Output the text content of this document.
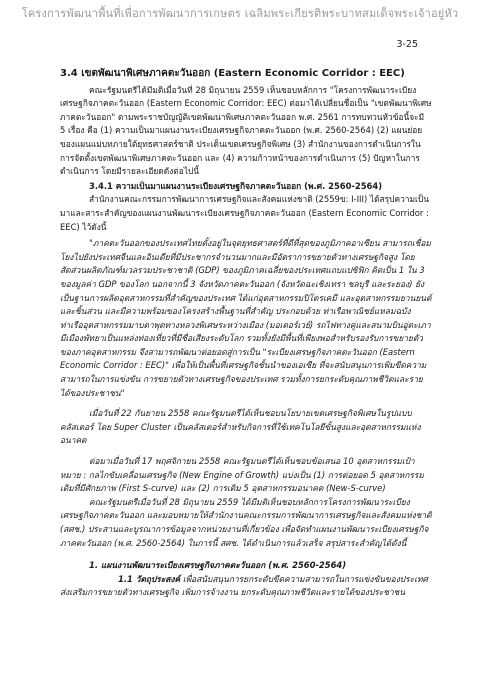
โครงการพัฒนาพื้นที่เพื่อการพัฒนาการเกษตร เฉลิมพระเกียรติพระบาทสมเด็จพระเจ้าอยู่หัว
3-25

3.4 เขตพัฒนาพิเศษภาคตะวันออก (Eastern Economic Corridor : EEC)

คณะรัฐมนตรีได้มีมติเมื่อวันที่ 28 มิถุนายน 2559 เห็นชอบหลักการ "โครงการพัฒนาระเบียงเศรษฐกิจภาคตะวันออก (Eastern Economic Corridor: EEC) ต่อมาได้เปลี่ยนชื่อเป็น "เขตพัฒนาพิเศษภาคตะวันออก" ตามพระราชบัญญัติเขตพัฒนาพิเศษภาคตะวันออก พ.ศ. 2561 การทบทวนหัวข้อนี้จะมี 5 เรื่อง คือ (1) ความเป็นมาแผนงานระเบียงเศรษฐกิจภาคตะวันออก (พ.ศ. 2560-2564) (2) แผนย่อยของแผนแม่บทภายใต้ยุทธศาสตร์ชาติ ประเด็นเขตเศรษฐกิจพิเศษ (3) สำนักงานของการดำเนินการในการจัดตั้งเขตพัฒนาพิเศษภาคตะวันออก และ (4) ความก้าวหน้าของการดำเนินการ (5) ปัญหาในการดำเนินการ โดยมีรายละเอียดดังต่อไปนี้

3.4.1 ความเป็นมาแผนงานระเบียงเศรษฐกิจภาคตะวันออก (พ.ศ. 2560-2564)

สำนักงานคณะกรรมการพัฒนาการเศรษฐกิจและสังคมแห่งชาติ (2559ข: I-III) ได้สรุปความเป็นมาและสาระสำคัญของแผนงานพัฒนาระเบียงเศรษฐกิจภาคตะวันออก (Eastern Economic Corridor : EEC) ไว้ดังนี้

"ภาคตะวันออกของประเทศไทยตั้งอยู่ในจุดยุทธศาสตร์ที่ดีที่สุดของภูมิภาคอาเซียน สามารถเชื่อมโยงไปยังประเทศจีนและอินเดียที่มีประชากรจำนวนมากและมีอัตราการขยายตัวทางเศรษฐกิจสูง โดยสัดส่วนผลิตภัณฑ์มวลรวมประชาชาติ (GDP) ของภูมิภาคเฉลี่ยของประเทศแถบแปซิฟิก คิดเป็น 1 ใน 3 ของมูลค่า GDP ของโลก นอกจากนี้ 3 จังหวัดภาคตะวันออก (จังหวัดฉะเชิงเทรา ชลบุรี และระยอง) ยังเป็นฐานการผลิตอุตสาหกรรมที่สำคัญของประเทศ ได้แก่อุตสาหกรรมปิโตรเคมี และอุตสาหกรรมยานยนต์และชิ้นส่วน และมีความพร้อมของโครงสร้างพื้นฐานที่สำคัญ ประกอบด้วย ท่าเรือพาณิชย์แหลมฉบัง ท่าเรืออุตสาหกรรมมาบตาพุดทางหลวงพิเศษระหว่างเมือง (มอเตอร์เวย์) รถไฟทางคู่และสนามบินอู่ตะเภา มีเมืองพัทยาเป็นแหล่งท่องเที่ยวที่มีชื่อเสียงระดับโลก รวมทั้งยังมีพื้นที่เพียงพอสำหรับรองรับการขยายตัวของภาคอุตสาหกรรม จึงสามารถพัฒนาต่อยอดสู่การเป็น "ระเบียงเศรษฐกิจภาคตะวันออก (Eastern Economic Corridor : EEC)" เพื่อให้เป็นพื้นที่เศรษฐกิจชั้นนำของเอเซีย ที่จะสนับสนุนการเพิ่มขีดความสามารถในการแข่งขัน การขยายตัวทางเศรษฐกิจของประเทศ รวมทั้งการยกระดับคุณภาพชีวิตและรายได้ของประชาชน"

เมื่อวันที่ 22 กันยายน 2558 คณะรัฐมนตรีได้เห็นชอบนโยบายเขตเศรษฐกิจพิเศษในรูปแบบคลัสเตอร์ โดย Super Cluster เป็นคลัสเตอร์สำหรับกิจการที่ใช้เทคโนโลยีขั้นสูงและอุตสาหกรรมแห่งอนาคต

ต่อมาเมื่อวันที่ 17 พฤศจิกายน 2558 คณะรัฐมนตรีได้เห็นชอบข้อเสนอ 10 อุตสาหกรรมเป้าหมาย : กลไกขับเคลื่อนเศรษฐกิจ (New Engine of Growth) แบ่งเป็น (1) การต่อยอด 5 อุตสาหกรรมเดิมที่มีศักยภาพ (First S-curve) และ (2) การเติม 5 อุตสาหกรรมอนาคต (New-S-curve)

คณะรัฐมนตรีเมื่อวันที่ 28 มิถุนายน 2559 ได้มีมติเห็นชอบหลักการโครงการพัฒนาระเบียงเศรษฐกิจภาคตะวันออก และมอบหมายให้สำนักงานคณะกรรมการพัฒนาการเศรษฐกิจและสังคมแห่งชาติ (สศช.) ประสานและบูรณาการข้อมูลจากหน่วยงานที่เกี่ยวข้อง เพื่อจัดทำแผนงานพัฒนาระเบียงเศรษฐกิจภาคตะวันออก (พ.ศ. 2560-2564) ในการนี้ สศช. ได้ดำเนินการแล้วเสร็จ สรุปสาระสำคัญได้ดังนี้

1. แผนงานพัฒนาระเบียงเศรษฐกิจภาคตะวันออก (พ.ศ. 2560-2564)

1.1 วัตถุประสงค์ เพื่อสนับสนุนการยกระดับขีดความสามารถในการแข่งขันของประเทศส่งเสริมการขยายตัวทางเศรษฐกิจ เพิ่มการจ้างงาน ยกระดับคุณภาพชีวิตและรายได้ของประชาชน
